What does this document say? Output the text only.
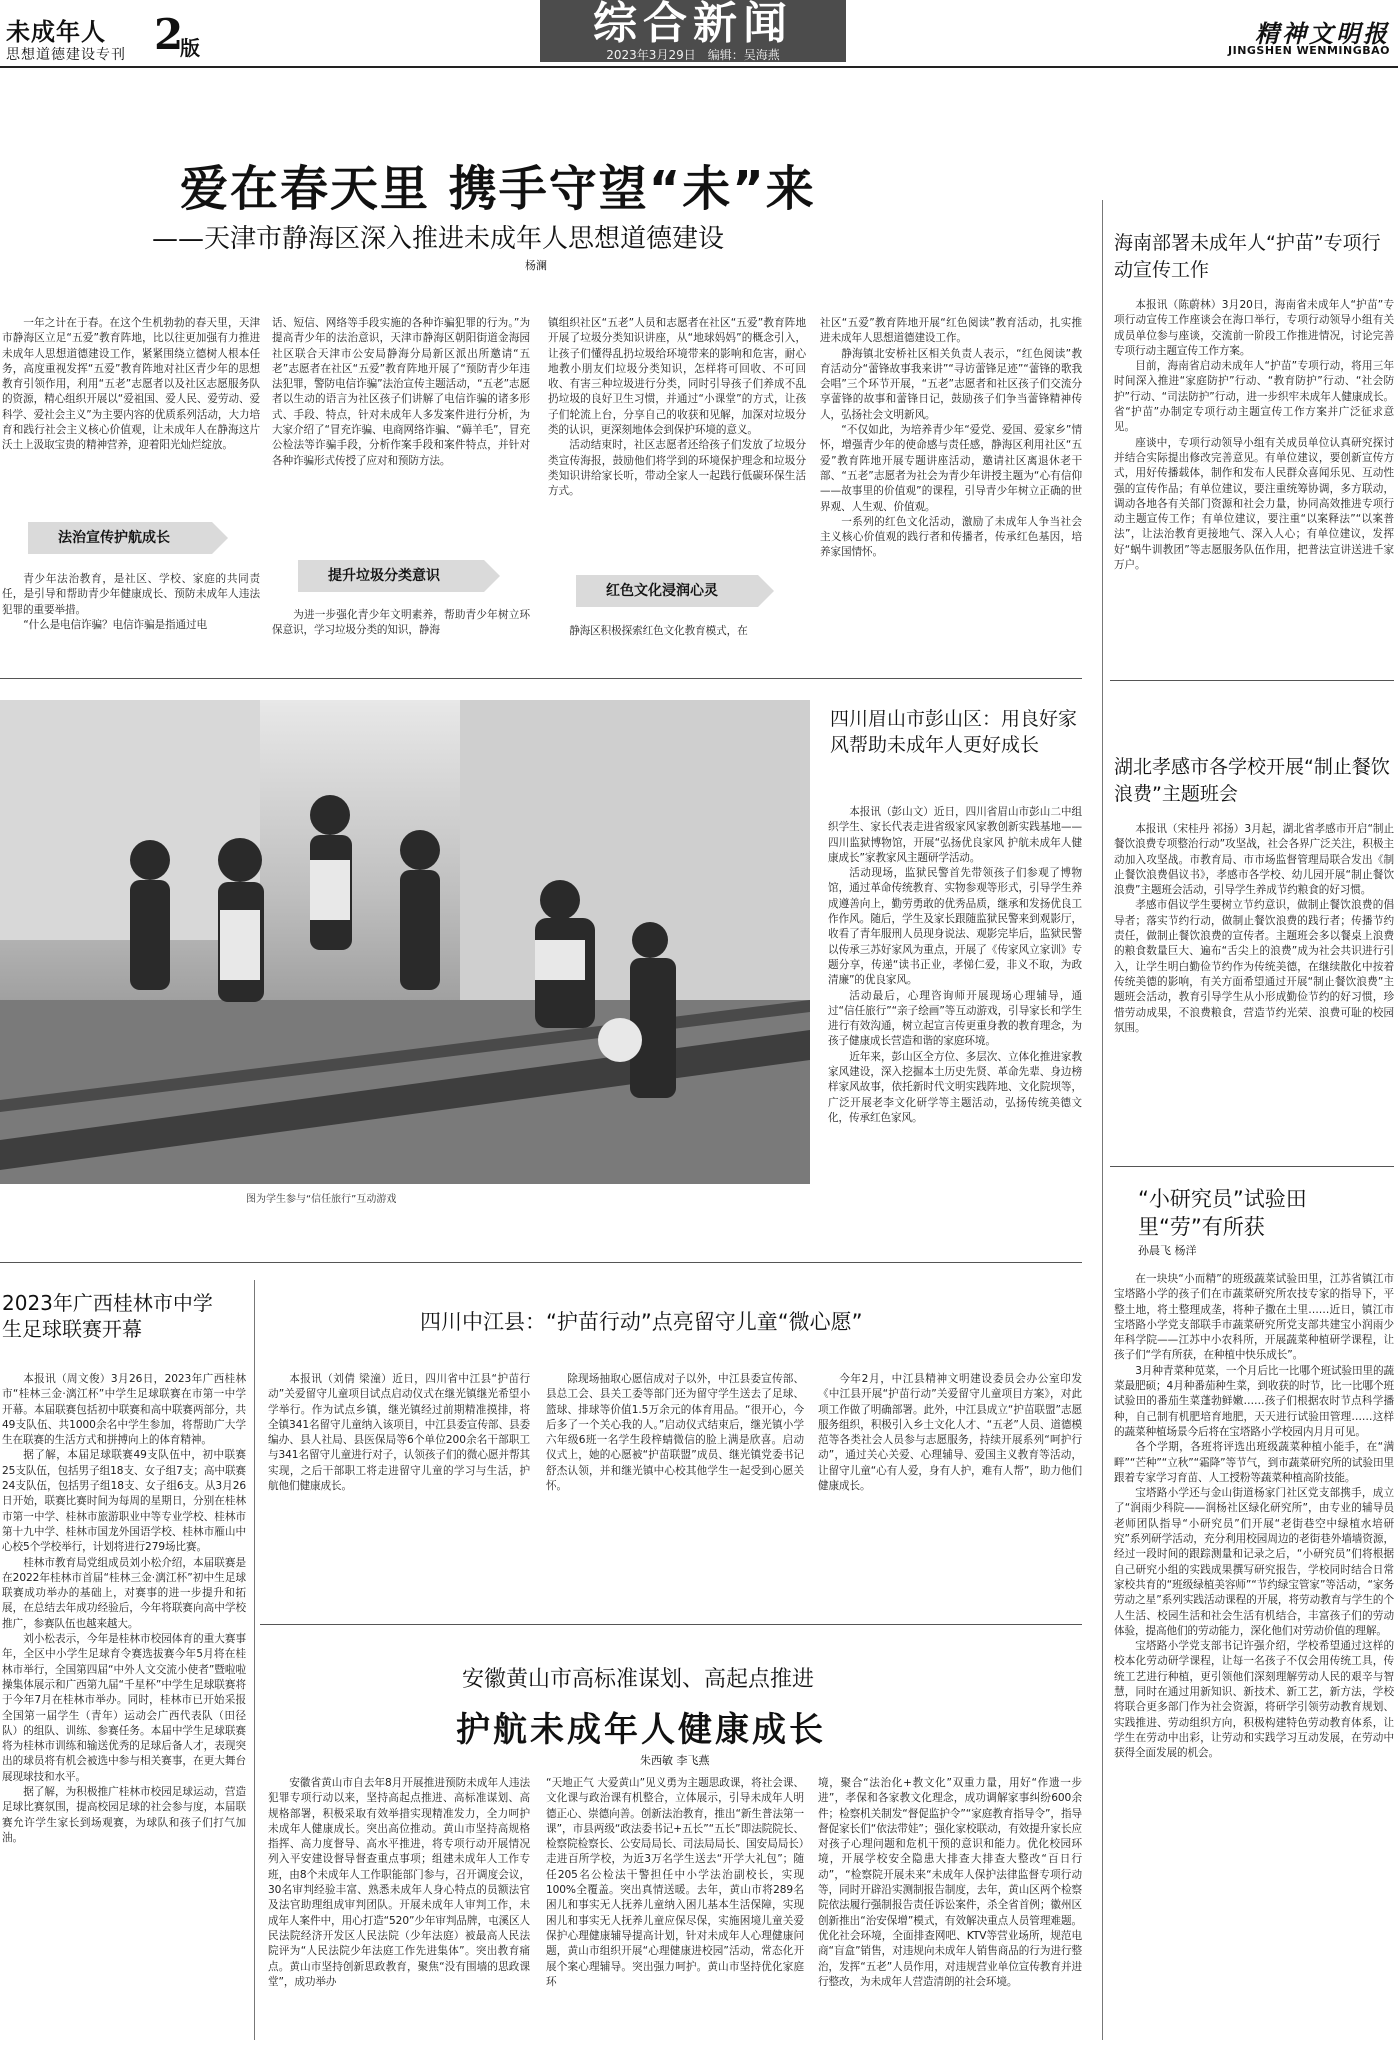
未成年人
思想道德建设专刊 2
版	综合新闻
2023年3月29日　编辑：吴海燕
精神文明报
JINGSHEN WENMINGBAO
爱在春天里 携手守望“未”来
——天津市静海区深入推进未成年人思想道德建设
杨澜

一年之计在于春。在这个生机勃勃的春天里，天津市静海区立足“五爱”教育阵地，比以往更加强有力推进未成年人思想道德建设工作，紧紧围绕立德树人根本任务，高度重视发挥“五爱”教育阵地对社区青少年的思想教育引领作用，利用“五老”志愿者以及社区志愿服务队的资源，精心组织开展以“爱祖国、爱人民、爱劳动、爱科学、爱社会主义”为主要内容的优质系列活动，大力培育和践行社会主义核心价值观，让未成年人在静海这片沃土上汲取宝贵的精神营养，迎着阳光灿烂绽放。

法治宣传护航成长

青少年法治教育，是社区、学校、家庭的共同责任，是引导和帮助青少年健康成长、预防未成年人违法犯罪的重要举措。

“什么是电信诈骗？电信诈骗是指通过电

话、短信、网络等手段实施的各种诈骗犯罪的行为。”为提高青少年的法治意识，天津市静海区朝阳街道金海园社区联合天津市公安局静海分局新区派出所邀请“五老”志愿者在社区“五爱”教育阵地开展了“预防青少年违法犯罪，警防电信诈骗”法治宣传主题活动，“五老”志愿者以生动的语言为社区孩子们讲解了电信诈骗的诸多形式、手段、特点，针对未成年人多发案件进行分析，为大家介绍了“冒充诈骗、电商网络诈骗、“薅羊毛”，冒充公检法等诈骗手段，分析作案手段和案件特点，并针对各种诈骗形式传授了应对和预防方法。

提升垃圾分类意识

为进一步强化青少年文明素养，帮助青少年树立环保意识，学习垃圾分类的知识，静海

镇组织社区“五老”人员和志愿者在社区“五爱”教育阵地开展了垃圾分类知识讲座，从“地球妈妈”的概念引入，让孩子们懂得乱扔垃圾给环境带来的影响和危害，耐心地教小朋友们垃圾分类知识，怎样将可回收、不可回收、有害三种垃圾进行分类，同时引导孩子们养成不乱扔垃圾的良好卫生习惯，并通过“小课堂”的方式，让孩子们轮流上台，分享自己的收获和见解，加深对垃圾分类的认识，更深刻地体会到保护环境的意义。

活动结束时，社区志愿者还给孩子们发放了垃圾分类宣传海报，鼓励他们将学到的环境保护理念和垃圾分类知识讲给家长听，带动全家人一起践行低碳环保生活方式。

红色文化浸润心灵

静海区积极探索红色文化教育模式，在

社区“五爱”教育阵地开展“红色阅读”教育活动，扎实推进未成年人思想道德建设工作。

静海镇北安桥社区相关负责人表示，“红色阅读”教育活动分“蕾锋故事我来讲”“寻访蕾锋足迹”“蕾锋的歌我会唱”三个环节开展，“五老”志愿者和社区孩子们交流分享蕾锋的故事和蕾锋日记，鼓励孩子们争当蕾锋精神传人，弘扬社会文明新风。

“不仅如此，为培养青少年“爱党、爱国、爱家乡”情怀，增强青少年的使命感与责任感，静海区利用社区“五爱”教育阵地开展专题讲座活动，邀请社区离退休老干部、“五老”志愿者为社会为青少年讲授主题为“心有信仰——故事里的价值观”的课程，引导青少年树立正确的世界观、人生观、价值观。

一系列的红色文化活动，激励了未成年人争当社会主义核心价值观的践行者和传播者，传承红色基因，培养家国情怀。

海南部署未成年人“护苗”专项行动宣传工作

本报讯（陈蔚林）3月20日，海南省未成年人“护苗”专项行动宣传工作座谈会在海口举行，专项行动领导小组有关成员单位参与座谈，交流前一阶段工作推进情况，讨论完善专项行动主题宣传工作方案。

目前，海南省启动未成年人“护苗”专项行动，将用三年时间深入推进“家庭防护”行动、“教育防护”行动、“社会防护”行动、“司法防护”行动，进一步织牢未成年人健康成长。省“护苗”办制定专项行动主题宣传工作方案并广泛征求意见。

座谈中，专项行动领导小组有关成员单位认真研究探讨并结合实际提出修改完善意见。有单位建议，要创新宣传方式，用好传播载体，制作和发布人民群众喜闻乐见、互动性强的宣传作品；有单位建议，要注重统筹协调，多方联动，调动各地各有关部门资源和社会力量，协同高效推进专项行动主题宣传工作；有单位建议，要注重“以案释法”“以案普法”，让法治教育更接地气、深入人心；有单位建议，发挥好“蜗牛训教团”等志愿服务队伍作用，把普法宣讲送进千家万户。

图为学生参与“信任旅行”互动游戏
四川眉山市彭山区：用良好家风帮助未成年人更好成长

本报讯（彭山文）近日，四川省眉山市彭山二中组织学生、家长代表走进省级家风家教创新实践基地——四川监狱博物馆，开展“弘扬优良家风 护航未成年人健康成长”家教家风主题研学活动。

活动现场，监狱民警首先带领孩子们参观了博物馆，通过革命传统教育、实物参观等形式，引导学生养成遵善向上，勤劳勇敢的优秀品质，继承和发扬优良工作作风。随后，学生及家长跟随监狱民警来到观影厅，收看了青年服刑人员现身说法、观影完毕后，监狱民警以传承三苏好家风为重点，开展了《传家风立家训》专题分享，传递“读书正业，孝悌仁爱，非义不取，为政清廉”的优良家风。

活动最后，心理咨询师开展现场心理辅导，通过“信任旅行”“亲子绘画”等互动游戏，引导家长和学生进行有效沟通，树立起宣言传更重身教的教育理念，为孩子健康成长营造和谐的家庭环境。

近年来，彭山区全方位、多层次、立体化推进家教家风建设，深入挖掘本土历史先贤、革命先辈、身边榜样家风故事，依托新时代文明实践阵地、文化院坝等，广泛开展老李文化研学等主题活动，弘扬传统美德文化，传承红色家风。

湖北孝感市各学校开展“制止餐饮浪费”主题班会

本报讯（宋桂丹 祁扬）3月起，湖北省孝感市开启“制止餐饮浪费专项整治行动”攻坚战，社会各界广泛关注，积极主动加入攻坚战。市教育局、市市场监督管理局联合发出《制止餐饮浪费倡议书》，孝感市各学校、幼儿园开展“制止餐饮浪费”主题班会活动，引导学生养成节约粮食的好习惯。

孝感市倡议学生要树立节约意识，做制止餐饮浪费的倡导者；落实节约行动，做制止餐饮浪费的践行者；传播节约责任，做制止餐饮浪费的宣传者。主题班会多以餐桌上浪费的粮食数量巨大、遍布“舌尖上的浪费”成为社会共识进行引入，让学生明白勤俭节约作为传统美德，在继续散化中按着传统美德的影响，有关方面希望通过开展“制止餐饮浪费”主题班会活动，教育引导学生从小形成勤俭节约的好习惯，珍惜劳动成果，不浪费粮食，营造节约光荣、浪费可耻的校园氛围。

“小研究员”试验田里“劳”有所获
孙晨飞 杨洋

在一块块“小而精”的班级蔬菜试验田里，江苏省镇江市宝塔路小学的孩子们在市蔬菜研究所农技专家的指导下，平整土地，将土整理成垄，将种子撒在土里……近日，镇江市宝塔路小学党支部联手市蔬菜研究所党支部共建宝小润雨少年科学院——江苏中小农科所，开展蔬菜种植研学课程，让孩子们“学有所获，在种植中快乐成长”。

3月种青菜种苋菜，一个月后比一比哪个班试验田里的蔬菜最肥硕；4月种番茄种生菜，到收获的时节，比一比哪个班试验田的番茄生菜蓬勃鲜嫩……孩子们根据农时节点科学播种，自己制有机肥培育地肥，天天进行试验田管理……这样的蔬菜种植场景今后将在宝塔路小学校园内月月可见。

各个学期，各班将评选出班级蔬菜种植小能手，在“满畔”“芒种”“立秋”“霜降”等节气，到市蔬菜研究所的试验田里跟着专家学习育苗、人工授粉等蔬菜种植高阶技能。

宝塔路小学还与金山街道杨家门社区党支部携手，成立了“润雨少科院——润杨社区绿化研究所”，由专业的辅导员老师团队指导“小研究员”们开展“老街巷空中绿植水培研究”系列研学活动，充分利用校园周边的老街巷外墙墙资源，经过一段时间的跟踪测量和记录之后，“小研究员”们将根据自己研究小组的实践成果撰写研究报告，学校同时结合日常家校共育的“班级绿植美容师”“节约绿宝管家”等活动，“家务劳动之星”系列实践活动课程的开展，将劳动教育与学生的个人生活、校园生活和社会生活有机结合，丰富孩子们的劳动体验，提高他们的劳动能力，深化他们对劳动价值的理解。

宝塔路小学党支部书记许强介绍，学校希望通过这样的校本化劳动研学课程，让每一名孩子不仅会用传统工具，传统工艺进行种植，更引领他们深刻理解劳动人民的艰辛与智慧，同时在通过用新知识、新技术、新工艺，新方法，学校将联合更多部门作为社会资源，将研学引领劳动教育规划、实践推进、劳动组织方向，积极构建特色劳动教育体系，让学生在劳动中出彩，让劳动和实践学习互动发展，在劳动中获得全面发展的机会。

2023年广西桂林市中学生足球联赛开幕

本报讯（周文俊）3月26日，2023年广西桂林市“桂林三金·漓江杯”中学生足球联赛在市第一中学开幕。本届联赛包括初中联赛和高中联赛两部分，共49支队伍、共1000余名中学生参加，将帮助广大学生在联赛的生活方式和拼搏向上的体育精神。

据了解，本届足球联赛49支队伍中，初中联赛25支队伍，包括男子组18支、女子组7支；高中联赛24支队伍，包括男子组18支、女子组6支。从3月26日开始，联赛比赛时间为每周的星期日，分别在桂林市第一中学、桂林市旅游职业中等专业学校、桂林市第十九中学、桂林市国龙外国语学校、桂林市雁山中心校5个学校举行，计划将进行279场比赛。

桂林市教育局党组成员刘小松介绍，本届联赛是在2022年桂林市首届“桂林三金·漓江杯”初中生足球联赛成功举办的基础上，对赛事的进一步提升和拓展，在总结去年成功经验后，今年将联赛向高中学校推广，参赛队伍也越来越大。

刘小松表示，今年是桂林市校园体育的重大赛事年，全区中小学生足球育令赛选拔赛今年5月将在桂林市举行，全国第四届“中外人文交流小使者”暨啦啦操集体展示和广西第九届“千星杯”中学生足球联赛将于今年7月在桂林市举办。同时，桂林市已开始采报全国第一届学生（青年）运动会广西代表队（田径队）的组队、训练、参赛任务。本届中学生足球联赛将为桂林市训练和输送优秀的足球后备人才，表现突出的球员将有机会被选中参与相关赛事，在更大舞台展现球技和水平。

据了解，为积极推广桂林市校园足球运动，营造足球比赛氛围，提高校园足球的社会参与度，本届联赛允许学生家长到场观赛，为球队和孩子们打气加油。

四川中江县：“护苗行动”点亮留守儿童“微心愿”

本报讯（刘倩 梁潼）近日，四川省中江县“护苗行动”关爱留守儿童项目试点启动仪式在继光镇继光希望小学举行。作为试点乡镇，继光镇经过前期精准摸排，将全镇341名留守儿童纳入该项目，中江县委宣传部、县委编办、县人社局、县医保局等6个单位200余名干部职工与341名留守儿童进行对子，认领孩子们的微心愿并帮其实现，之后干部职工将走进留守儿童的学习与生活，护航他们健康成长。

除现场抽取心愿信成对子以外，中江县委宣传部、县总工会、县关工委等部门还为留守学生送去了足球、篮球、排球等价值1.5万余元的体育用品。“很开心，今后多了一个关心我的人。”启动仪式结束后，继光镇小学六年级6班一名学生段梓蜻微信的脸上满是欣喜。启动仪式上，她的心愿被“护苗联盟”成员、继光镇党委书记舒杰认领，并和继光镇中心校其他学生一起受到心愿关怀。

今年2月，中江县精神文明建设委员会办公室印发《中江县开展“护苗行动”关爱留守儿童项目方案》，对此项工作做了明确部署。此外，中江县成立“护苗联盟”志愿服务组织，积极引入乡土文化人才、“五老”人员、道德模范等各类社会人员参与志愿服务，持续开展系列“呵护行动”，通过关心关爱、心理辅导、爱国主义教育等活动，让留守儿童“心有人爱，身有人护，难有人帮”，助力他们健康成长。

安徽黄山市高标准谋划、高起点推进
护航未成年人健康成长
朱西敏 李飞燕

安徽省黄山市自去年8月开展推进预防未成年人违法犯罪专项行动以来，坚持高起点推进、高标准谋划、高规格部署，积极采取有效举措实现精准发力，全力呵护未成年人健康成长。突出高位推动。黄山市坚持高规格指挥、高力度督导、高水平推进，将专项行动开展情况列入平安建设督导督查重点事项；组建未成年人工作专班，由8个未成年人工作职能部门参与，召开调度会议，30名审判经验丰富、熟悉未成年人身心特点的员额法官及法官助理组成审判团队。开展未成年人审判工作，未成年人案件中，用心打造“520”少年审判品牌，屯溪区人民法院经济开发区人民法院（少年法庭）被最高人民法院评为“人民法院少年法庭工作先进集体”。突出教育痛点。黄山市坚持创新思政教育，聚焦“没有围墙的思政课堂”，成功举办

“天地正气 大爱黄山”见义勇为主题思政课，将社会课、文化课与政治课有机整合，立体展示，引导未成年人明德正心、崇德向善。创新法治教育，推出“新生普法第一课”，市县两级“政法委书记+五长”“五长”即法院院长、检察院检察长、公安局局长、司法局局长、国安局局长）走进百所学校，为近3万名学生送去“开学大礼包”；随任205名公检法干警担任中小学法治副校长，实现100%全覆盖。突出真情送暖。去年，黄山市将289名困儿和事实无人抚养儿童纳入困儿基本生活保障，实现困儿和事实无人抚养儿童应保尽保，实施困境儿童关爱保护心理健康辅导提高计划，针对未成年人心理健康问题，黄山市组织开展“心理健康进校园”活动，常态化开展个案心理辅导。突出强力呵护。黄山市坚持优化家庭环

境，聚合“法治化+教文化”双重力量，用好“作遗一步进”，孝保和各家教文化理念，成功调解家事纠纷600余件；检察机关制发“督促监护令”“家庭教育指导令”，指导督促家长们“依法带娃”；强化家校联动，有效提升家长应对孩子心理问题和危机干预的意识和能力。优化校园环境，开展学校安全隐患大排查大排查大整改“百日行动”，“检察院开展未来“未成年人保护法律监督专项行动等，同时开辟沿实测制报告制度，去年，黄山区两个检察院依法履行强制报告责任诉讼案件，杀全省首例；徽州区创新推出“治安保增”模式，有效解决重点人员管理难题。优化社会环境，全面排查网吧、KTV等营业场所，规范电商“盲盒”销售，对违规向未成年人销售商品的行为进行整治，发挥“五老”人员作用，对违规营业单位宣传教育并进行整改，为未成年人营造清朗的社会环境。
